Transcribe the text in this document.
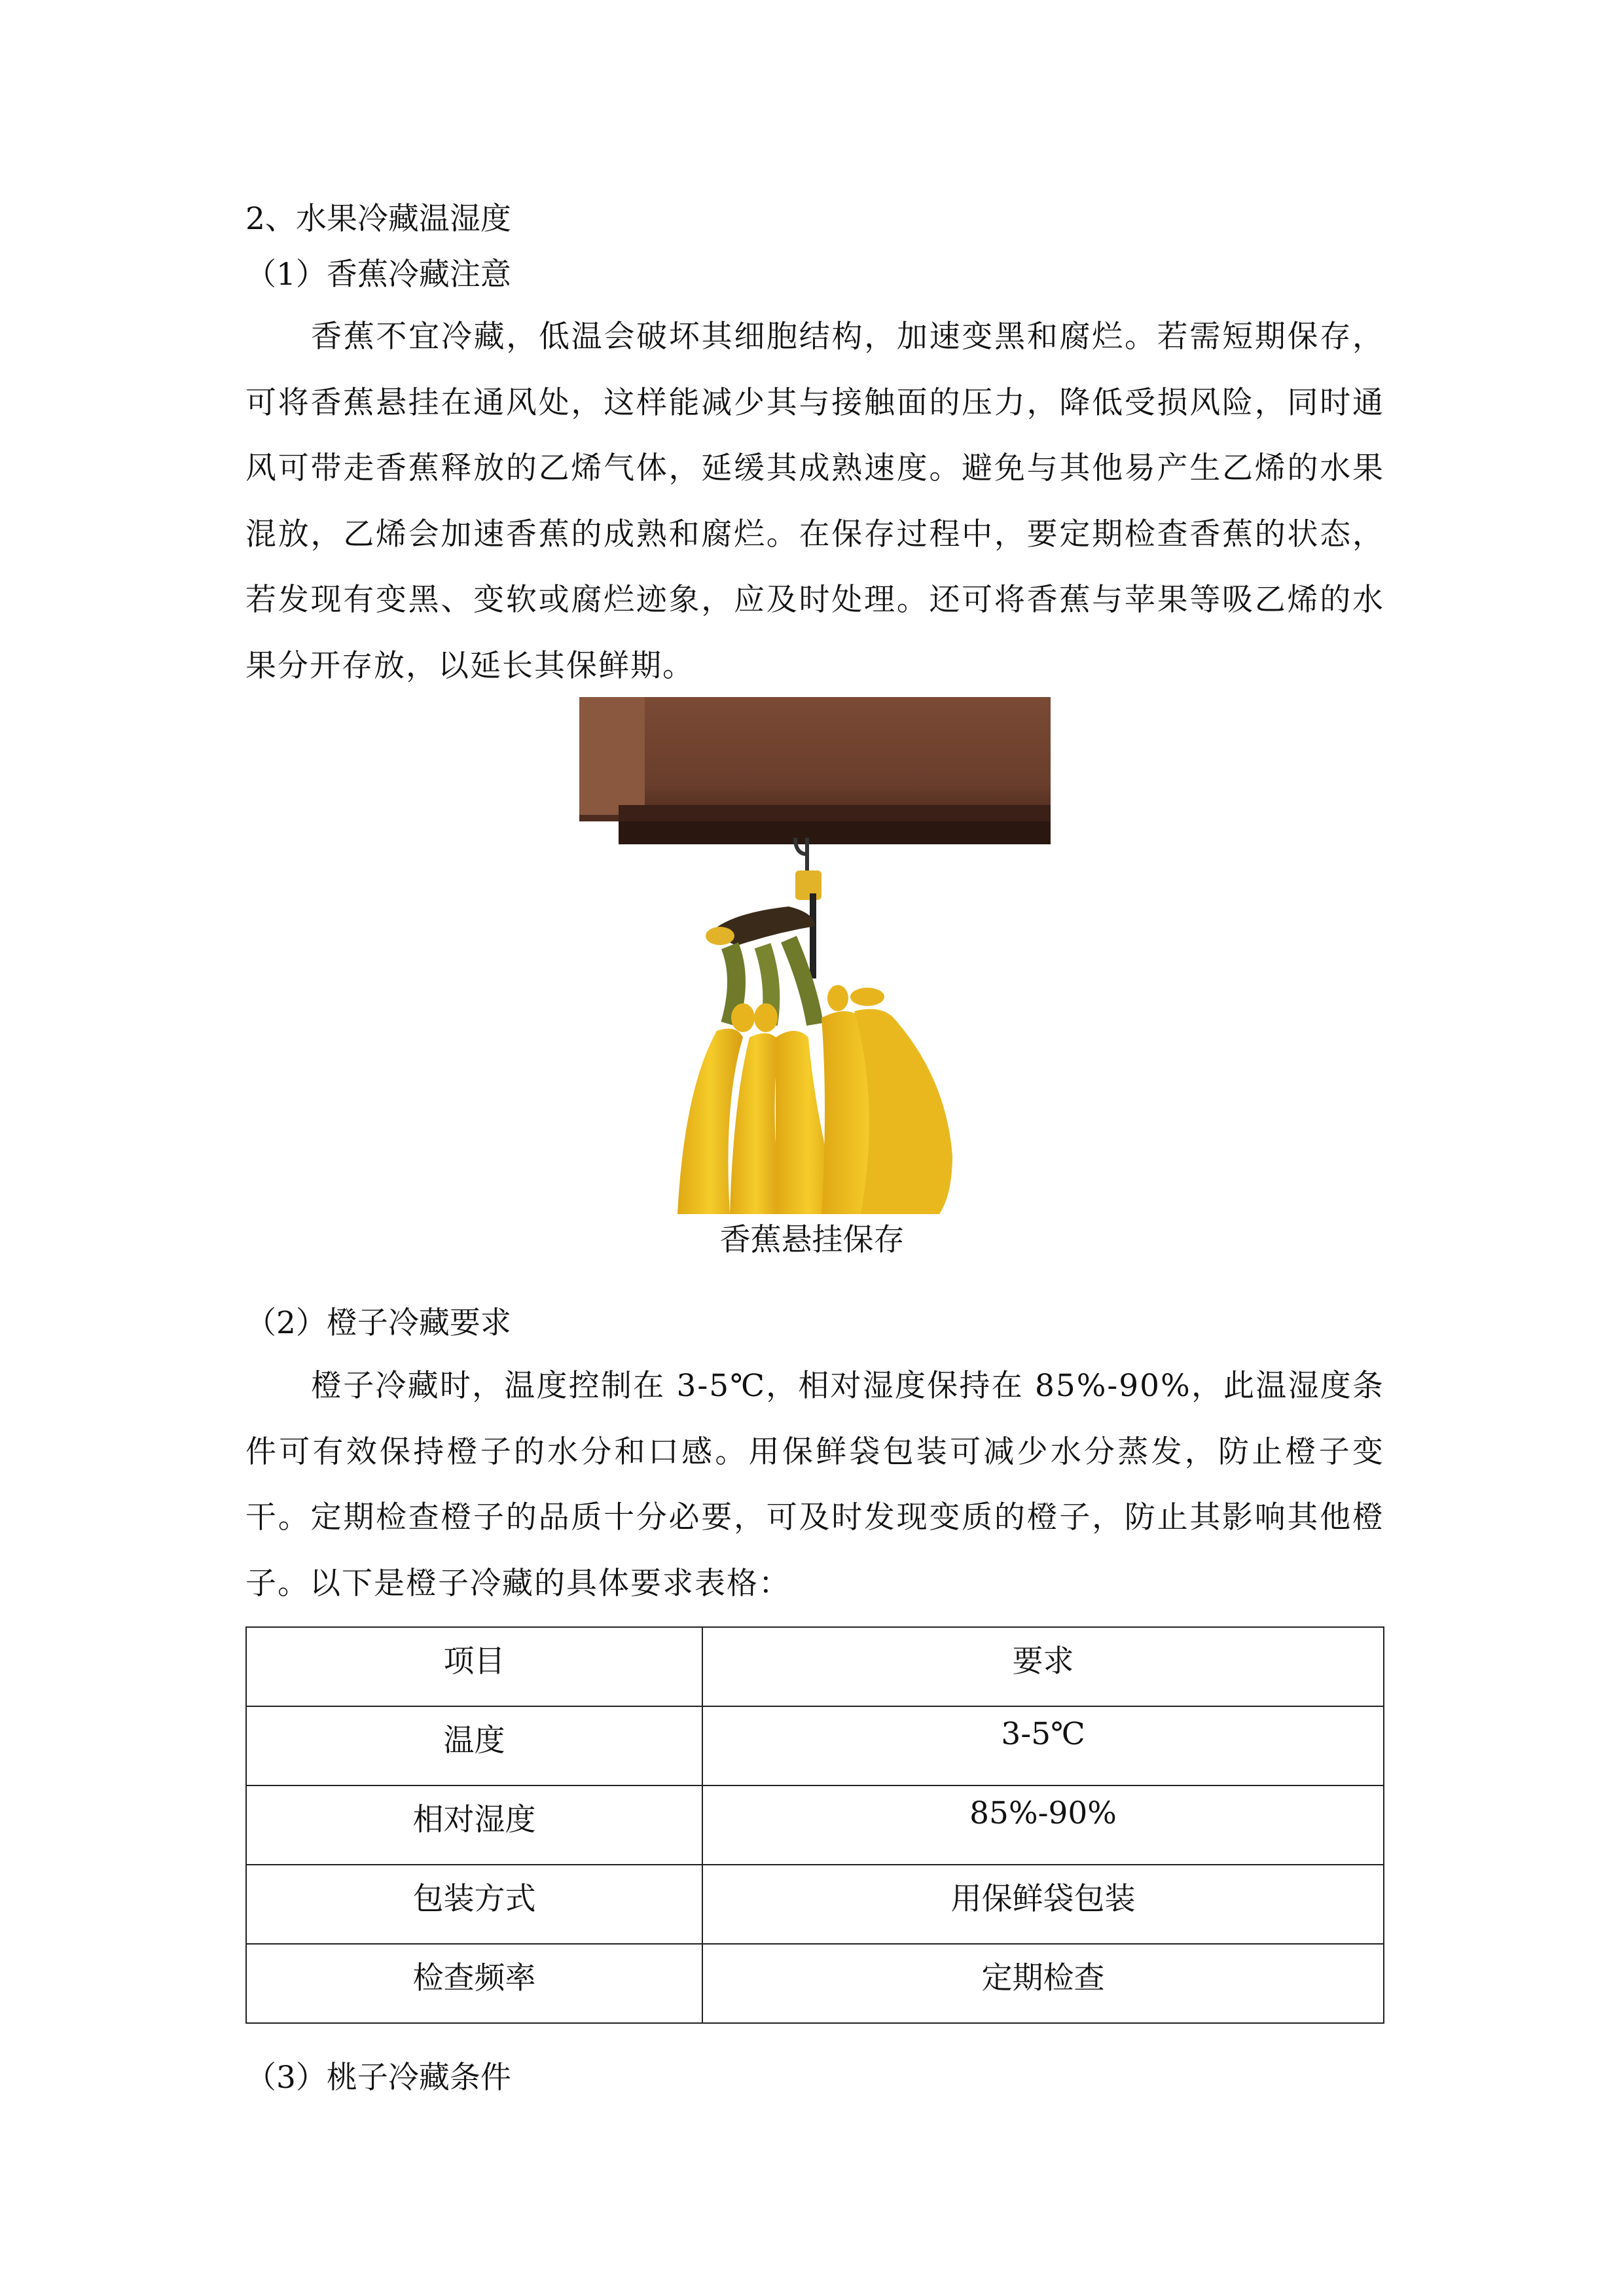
2、水果冷藏温湿度
（1）香蕉冷藏注意
香蕉不宜冷藏，低温会破坏其细胞结构，加速变黑和腐烂。若需短期保存，可将香蕉悬挂在通风处，这样能减少其与接触面的压力，降低受损风险，同时通风可带走香蕉释放的乙烯气体，延缓其成熟速度。避免与其他易产生乙烯的水果混放，乙烯会加速香蕉的成熟和腐烂。在保存过程中，要定期检查香蕉的状态，若发现有变黑、变软或腐烂迹象，应及时处理。还可将香蕉与苹果等吸乙烯的水果分开存放，以延长其保鲜期。
香蕉悬挂保存
（2）橙子冷藏要求
橙子冷藏时，温度控制在 3-5℃，相对湿度保持在 85%-90%，此温湿度条件可有效保持橙子的水分和口感。用保鲜袋包装可减少水分蒸发，防止橙子变干。定期检查橙子的品质十分必要，可及时发现变质的橙子，防止其影响其他橙子。以下是橙子冷藏的具体要求表格：
项目	要求
温度	3-5℃
相对湿度	85%-90%
包装方式	用保鲜袋包装
检查频率	定期检查
（3）桃子冷藏条件
